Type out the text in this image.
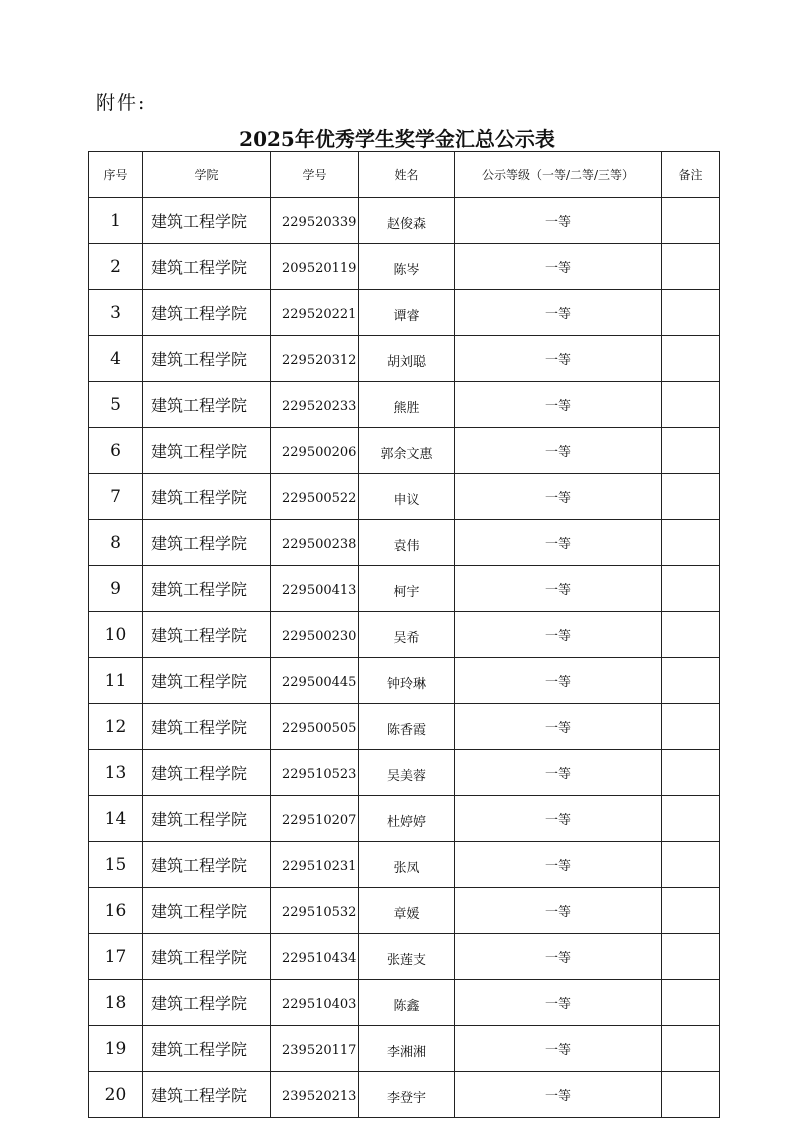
附件:
2025年优秀学生奖学金汇总公示表
序号	学院	学号	姓名	公示等级（一等/二等/三等）	备注
1	建筑工程学院	229520339	赵俊森	一等	
2	建筑工程学院	209520119	陈岑	一等	
3	建筑工程学院	229520221	谭睿	一等	
4	建筑工程学院	229520312	胡刘聪	一等	
5	建筑工程学院	229520233	熊胜	一等	
6	建筑工程学院	229500206	郭余文惠	一等	
7	建筑工程学院	229500522	申议	一等	
8	建筑工程学院	229500238	袁伟	一等	
9	建筑工程学院	229500413	柯宇	一等	
10	建筑工程学院	229500230	吴希	一等	
11	建筑工程学院	229500445	钟玲琳	一等	
12	建筑工程学院	229500505	陈香霞	一等	
13	建筑工程学院	229510523	吴美蓉	一等	
14	建筑工程学院	229510207	杜婷婷	一等	
15	建筑工程学院	229510231	张凤	一等	
16	建筑工程学院	229510532	章媛	一等	
17	建筑工程学院	229510434	张莲支	一等	
18	建筑工程学院	229510403	陈鑫	一等	
19	建筑工程学院	239520117	李湘湘	一等	
20	建筑工程学院	239520213	李登宇	一等	
